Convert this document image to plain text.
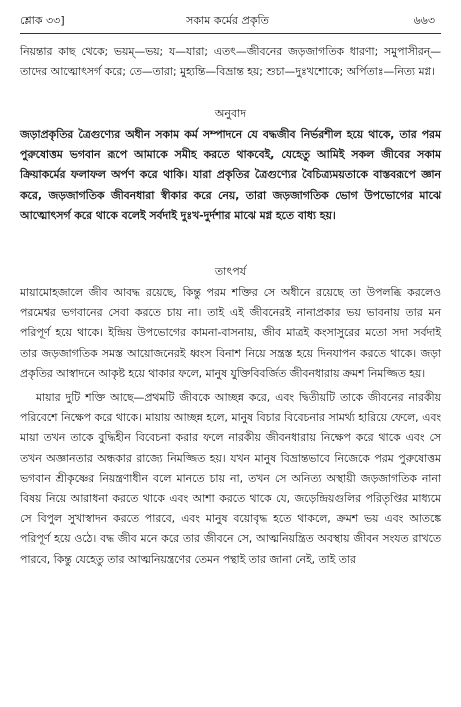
শ্লোক ৩৩]	সকাম কর্মের প্রকৃতি	৬৬৩

নিয়ন্তার কাছ থেকে; ভয়ম্—ভয়; য—যারা; এতৎ—জীবনের জড়জাগতিক ধারণা; সমুপাসীরন্—তাদের আত্মোৎসর্গ করে; তে—তারা; মুহ্যন্তি—বিভ্রান্ত হয়; শুচা—দুঃখশোকে; অর্পিতাঃ—নিত্য মগ্ন।

অনুবাদ

জড়াপ্রকৃতির ত্রৈগুণ্যের অধীন সকাম কর্ম সম্পাদনে যে বদ্ধজীব নির্ভরশীল হয়ে থাকে, তার পরম পুরুষোত্তম ভগবান রূপে আমাকে সমীহ করতে থাকবেই, যেহেতু আমিই সকল জীবের সকাম ক্রিয়াকর্মের ফলাফল অর্পণ করে থাকি। যারা প্রকৃতির ত্রৈগুণ্যের বৈচিত্র্যময়তাকে বাস্তবরূপে জ্ঞান করে, জড়জাগতিক জীবনধারা স্বীকার করে নেয়, তারা জড়জাগতিক ভোগ উপভোগের মাঝে আত্মোৎসর্গ করে থাকে বলেই সর্বদাই দুঃখ-দুর্দশার মাঝে মগ্ন হতে বাধ্য হয়।

তাৎপর্য

মায়ামোহজালে জীব আবদ্ধ রয়েছে, কিন্তু পরম শক্তির সে অধীনে রয়েছে তা উপলব্ধি করলেও পরমেশ্বর ভগবানের সেবা করতে চায় না। তাই এই জীবনেরই নানাপ্রকার ভয় ভাবনায় তার মন পরিপূর্ণ হয়ে থাকে। ইন্দ্রিয় উপভোগের কামনা-বাসনায়, জীব মাত্রই কংসাসুরের মতো সদা সর্বদাই তার জড়জাগতিক সমস্ত আয়োজনেরই ধ্বংস বিনাশ নিয়ে সন্ত্রস্ত হয়ে দিনযাপন করতে থাকে। জড়া প্রকৃতির আস্বাদনে আকৃষ্ট হয়ে থাকার ফলে, মানুষ যুক্তিবিবর্জিত জীবনধারায় ক্রমশ নিমজ্জিত হয়।

মায়ার দুটি শক্তি আছে—প্রথমটি জীবকে আচ্ছন্ন করে, এবং দ্বিতীয়টি তাকে জীবনের নারকীয় পরিবেশে নিক্ষেপ করে থাকে। মায়ায় আচ্ছন্ন হলে, মানুষ বিচার বিবেচনার সামর্থ্য হারিয়ে ফেলে, এবং মায়া তখন তাকে বুদ্ধিহীন বিবেচনা করার ফলে নারকীয় জীবনধারায় নিক্ষেপ করে থাকে এবং সে তখন অজ্ঞানতার অন্ধকার রাজ্যে নিমজ্জিত হয়। যখন মানুষ বিভ্রান্তভাবে নিজেকে পরম পুরুষোত্তম ভগবান শ্রীকৃষ্ণের নিয়ন্ত্রণাধীন বলে মানতে চায় না, তখন সে অনিত্য অস্থায়ী জড়জাগতিক নানা বিষয় নিয়ে আরাধনা করতে থাকে এবং আশা করতে থাকে যে, জড়েন্দ্রিয়গুলির পরিতৃপ্তির মাধ্যমে সে বিপুল সুখাস্বাদন করতে পারবে, এবং মানুষ বয়োবৃদ্ধ হতে থাকলে, ক্রমশ ভয় এবং আতঙ্কে পরিপূর্ণ হয়ে ওঠে। বদ্ধ জীব মনে করে তার জীবনে সে, আত্মনিয়ন্ত্রিত অবস্থায় জীবন সংযত রাখতে পারবে, কিন্তু যেহেতু তার আত্মনিয়ন্ত্রণের তেমন পন্থাই তার জানা নেই, তাই তার
